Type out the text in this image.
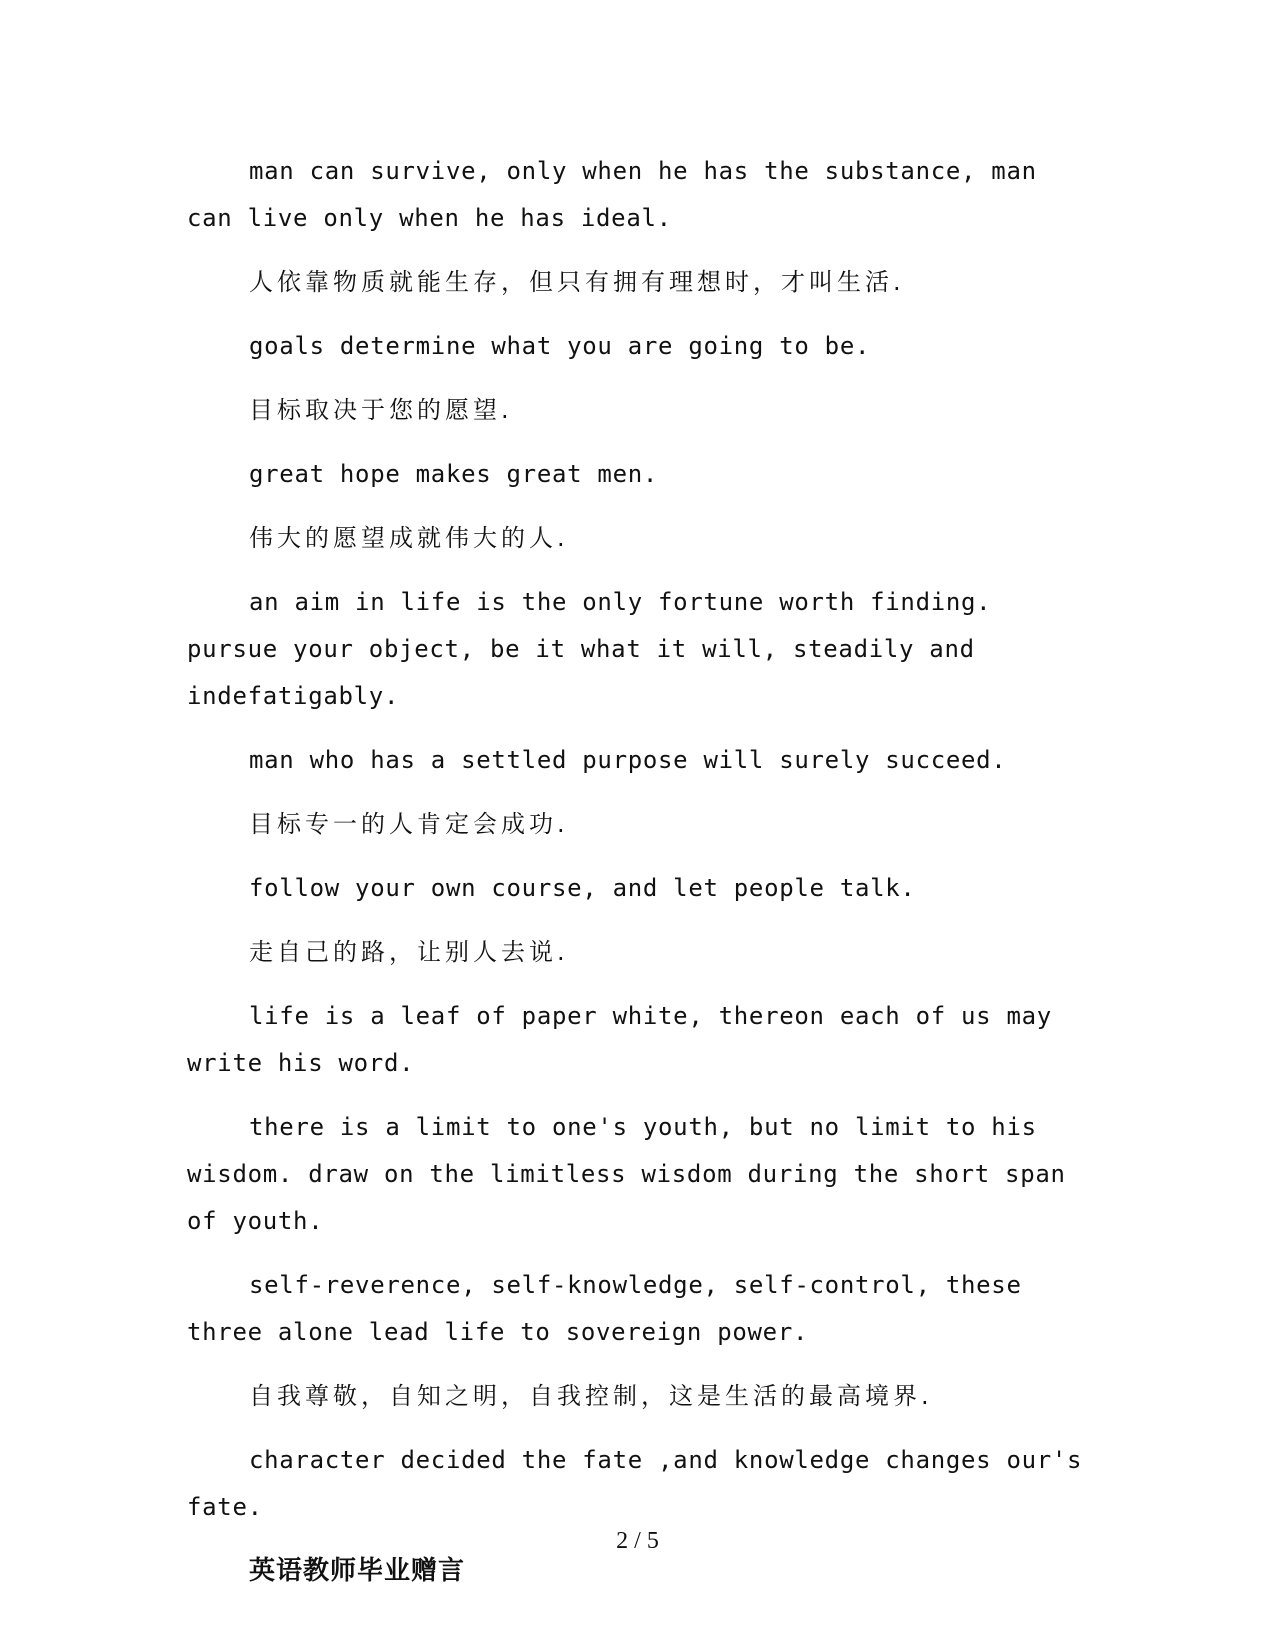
man can survive, only when he has the substance, man can live only when he has ideal.

人依靠物质就能生存，但只有拥有理想时，才叫生活.

goals determine what you are going to be.

目标取决于您的愿望.

great hope makes great men.

伟大的愿望成就伟大的人.

an aim in life is the only fortune worth finding. pursue your object, be it what it will, steadily and indefatigably.

man who has a settled purpose will surely succeed.

目标专一的人肯定会成功.

follow your own course, and let people talk.

走自己的路，让别人去说.

life is a leaf of paper white, thereon each of us may write his word.

there is a limit to one's youth, but no limit to his wisdom. draw on the limitless wisdom during the short span of youth.

self-reverence, self-knowledge, self-control, these three alone lead life to sovereign power.

自我尊敬，自知之明，自我控制，这是生活的最高境界.

character decided the fate ,and knowledge changes our's fate.

英语教师毕业赠言
2 / 5
